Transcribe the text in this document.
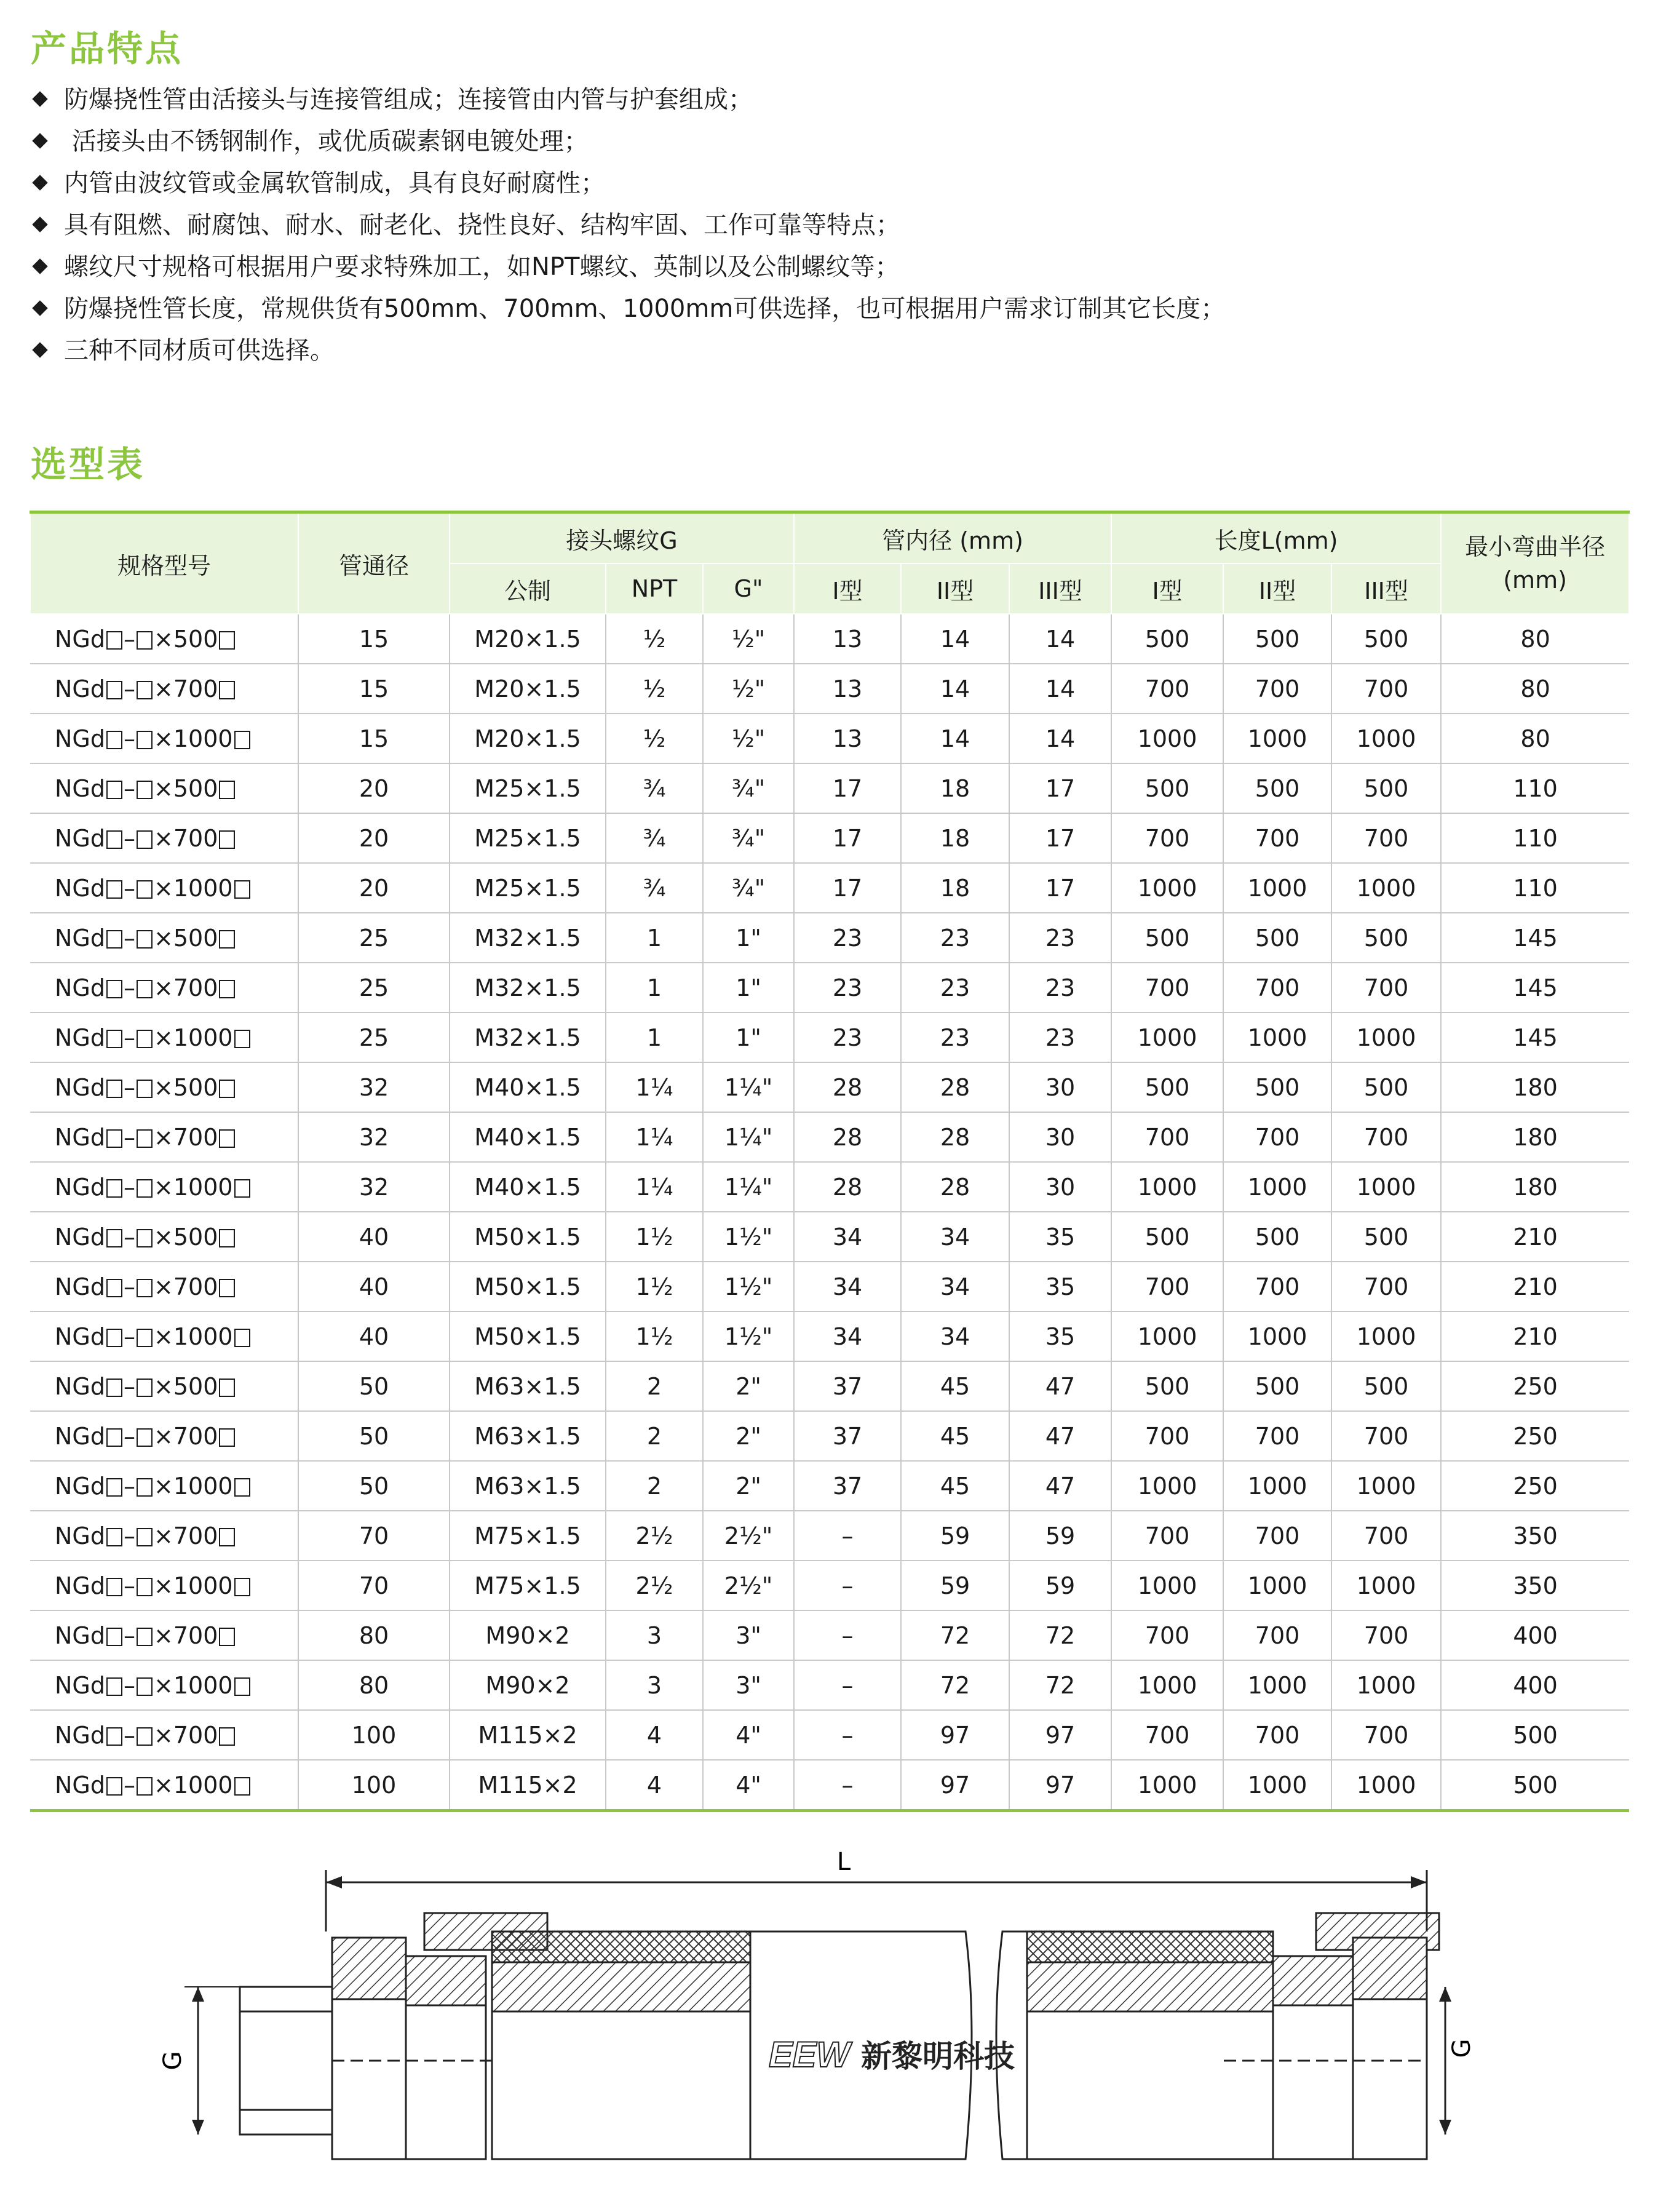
产品特点
防爆挠性管由活接头与连接管组成；连接管由内管与护套组成；
活接头由不锈钢制作，或优质碳素钢电镀处理；
内管由波纹管或金属软管制成，具有良好耐腐性；
具有阻燃、耐腐蚀、耐水、耐老化、挠性良好、结构牢固、工作可靠等特点；
螺纹尺寸规格可根据用户要求特殊加工，如NPT螺纹、英制以及公制螺纹等；
防爆挠性管长度，常规供货有500mm、700mm、1000mm可供选择，也可根据用户需求订制其它长度；
三种不同材质可供选择。
选型表
规格型号	管通径	接头螺纹G			管内径 (mm)			长度L(mm)			最小弯曲半径
(mm)
		公制	NPT	G"	I型	II型	III型	I型	II型	III型	
NGd – ×500	15	M20×1.5	½	½"	13	14	14	500	500	500	80
NGd – ×700	15	M20×1.5	½	½"	13	14	14	700	700	700	80
NGd – ×1000	15	M20×1.5	½	½"	13	14	14	1000	1000	1000	80
NGd – ×500	20	M25×1.5	¾	¾"	17	18	17	500	500	500	110
NGd – ×700	20	M25×1.5	¾	¾"	17	18	17	700	700	700	110
NGd – ×1000	20	M25×1.5	¾	¾"	17	18	17	1000	1000	1000	110
NGd – ×500	25	M32×1.5	1	1"	23	23	23	500	500	500	145
NGd – ×700	25	M32×1.5	1	1"	23	23	23	700	700	700	145
NGd – ×1000	25	M32×1.5	1	1"	23	23	23	1000	1000	1000	145
NGd – ×500	32	M40×1.5	1¼	1¼"	28	28	30	500	500	500	180
NGd – ×700	32	M40×1.5	1¼	1¼"	28	28	30	700	700	700	180
NGd – ×1000	32	M40×1.5	1¼	1¼"	28	28	30	1000	1000	1000	180
NGd – ×500	40	M50×1.5	1½	1½"	34	34	35	500	500	500	210
NGd – ×700	40	M50×1.5	1½	1½"	34	34	35	700	700	700	210
NGd – ×1000	40	M50×1.5	1½	1½"	34	34	35	1000	1000	1000	210
NGd – ×500	50	M63×1.5	2	2"	37	45	47	500	500	500	250
NGd – ×700	50	M63×1.5	2	2"	37	45	47	700	700	700	250
NGd – ×1000	50	M63×1.5	2	2"	37	45	47	1000	1000	1000	250
NGd – ×700	70	M75×1.5	2½	2½"	–	59	59	700	700	700	350
NGd – ×1000	70	M75×1.5	2½	2½"	–	59	59	1000	1000	1000	350
NGd – ×700	80	M90×2	3	3"	–	72	72	700	700	700	400
NGd – ×1000	80	M90×2	3	3"	–	72	72	1000	1000	1000	400
NGd – ×700	100	M115×2	4	4"	–	97	97	700	700	700	500
NGd – ×1000	100	M115×2	4	4"	–	97	97	1000	1000	1000	500
L
G
G
EEW 新黎明科技
